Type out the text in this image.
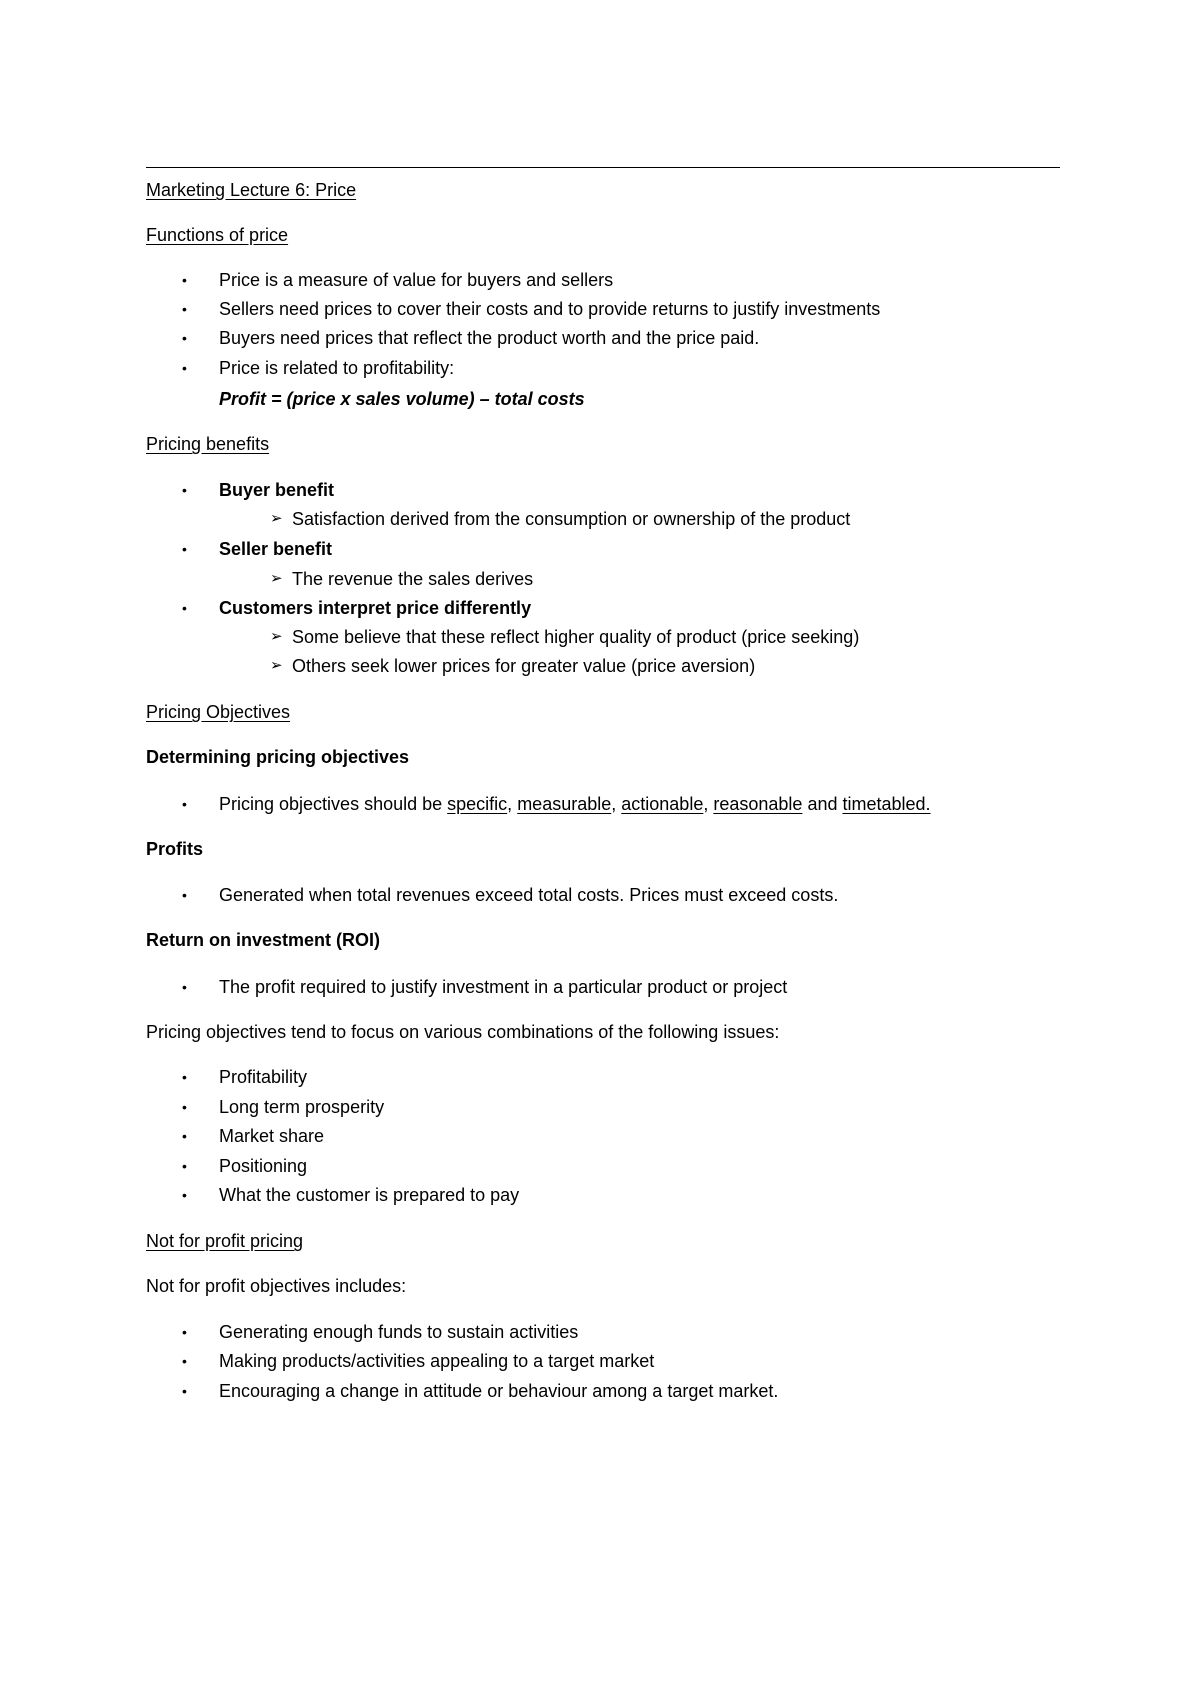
Marketing Lecture 6: Price
Functions of price
• Price is a measure of value for buyers and sellers
• Sellers need prices to cover their costs and to provide returns to justify investments
• Buyers need prices that reflect the product worth and the price paid.
• Price is related to profitability:
Profit = (price x sales volume) – total costs
Pricing benefits
• Buyer benefit
➢ Satisfaction derived from the consumption or ownership of the product
• Seller benefit
➢ The revenue the sales derives
• Customers interpret price differently
➢ Some believe that these reflect higher quality of product (price seeking)
➢ Others seek lower prices for greater value (price aversion)
Pricing Objectives
Determining pricing objectives
• Pricing objectives should be specific, measurable, actionable, reasonable and timetabled.
Profits
• Generated when total revenues exceed total costs. Prices must exceed costs.
Return on investment (ROI)
• The profit required to justify investment in a particular product or project
Pricing objectives tend to focus on various combinations of the following issues:
• Profitability
• Long term prosperity
• Market share
• Positioning
• What the customer is prepared to pay
Not for profit pricing
Not for profit objectives includes:
• Generating enough funds to sustain activities
• Making products/activities appealing to a target market
• Encouraging a change in attitude or behaviour among a target market.
